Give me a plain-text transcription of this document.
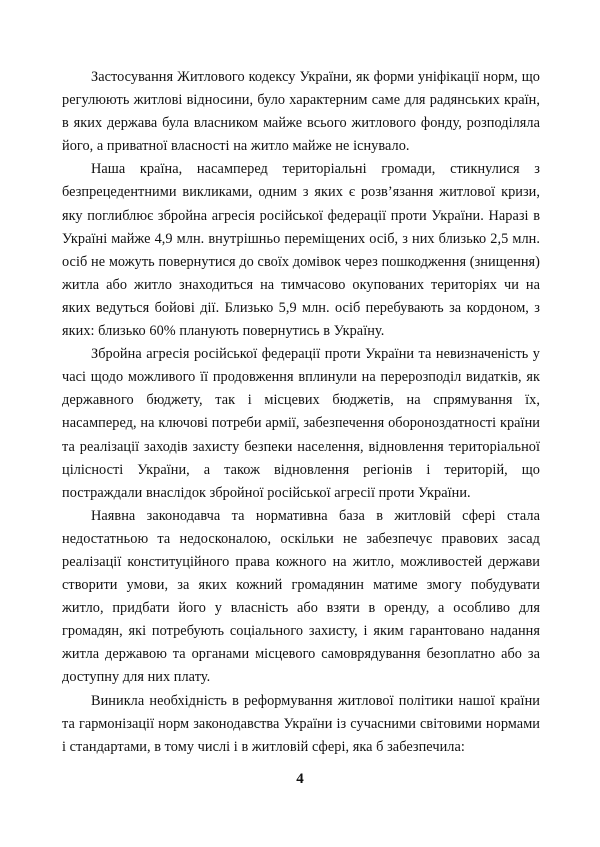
Застосування Житлового кодексу України, як форми уніфікації норм, що регулюють житлові відносини, було характерним саме для радянських країн, в яких держава була власником майже всього житлового фонду, розподіляла його, а приватної власності на житло майже не існувало.

Наша країна, насамперед територіальні громади, стикнулися з безпрецедентними викликами, одним з яких є розв’язання житлової кризи, яку поглиблює збройна агресія російської федерації проти України. Наразі в Україні майже 4,9 млн. внутрішньо переміщених осіб, з них близько 2,5 млн. осіб не можуть повернутися до своїх домівок через пошкодження (знищення) житла або житло знаходиться на тимчасово окупованих територіях чи на яких ведуться бойові дії. Близько 5,9 млн. осіб перебувають за кордоном, з яких: близько 60% планують повернутись в Україну.

Збройна агресія російської федерації проти України та невизначеність у часі щодо можливого її продовження вплинули на перерозподіл видатків, як державного бюджету, так і місцевих бюджетів, на спрямування їх, насамперед, на ключові потреби армії, забезпечення обороноздатності країни та реалізації заходів захисту безпеки населення, відновлення територіальної цілісності України, а також відновлення регіонів і територій, що постраждали внаслідок збройної російської агресії проти України.

Наявна законодавча та нормативна база в житловій сфері стала недостатньою та недосконалою, оскільки не забезпечує правових засад реалізації конституційного права кожного на житло, можливостей держави створити умови, за яких кожний громадянин матиме змогу побудувати житло, придбати його у власність або взяти в оренду, а особливо для громадян, які потребують соціального захисту, і яким гарантовано надання житла державою та органами місцевого самоврядування безоплатно або за доступну для них плату.

Виникла необхідність в реформування житлової політики нашої країни та гармонізації норм законодавства України із сучасними світовими нормами і стандартами, в тому числі і в житловій сфері, яка б забезпечила:

4
